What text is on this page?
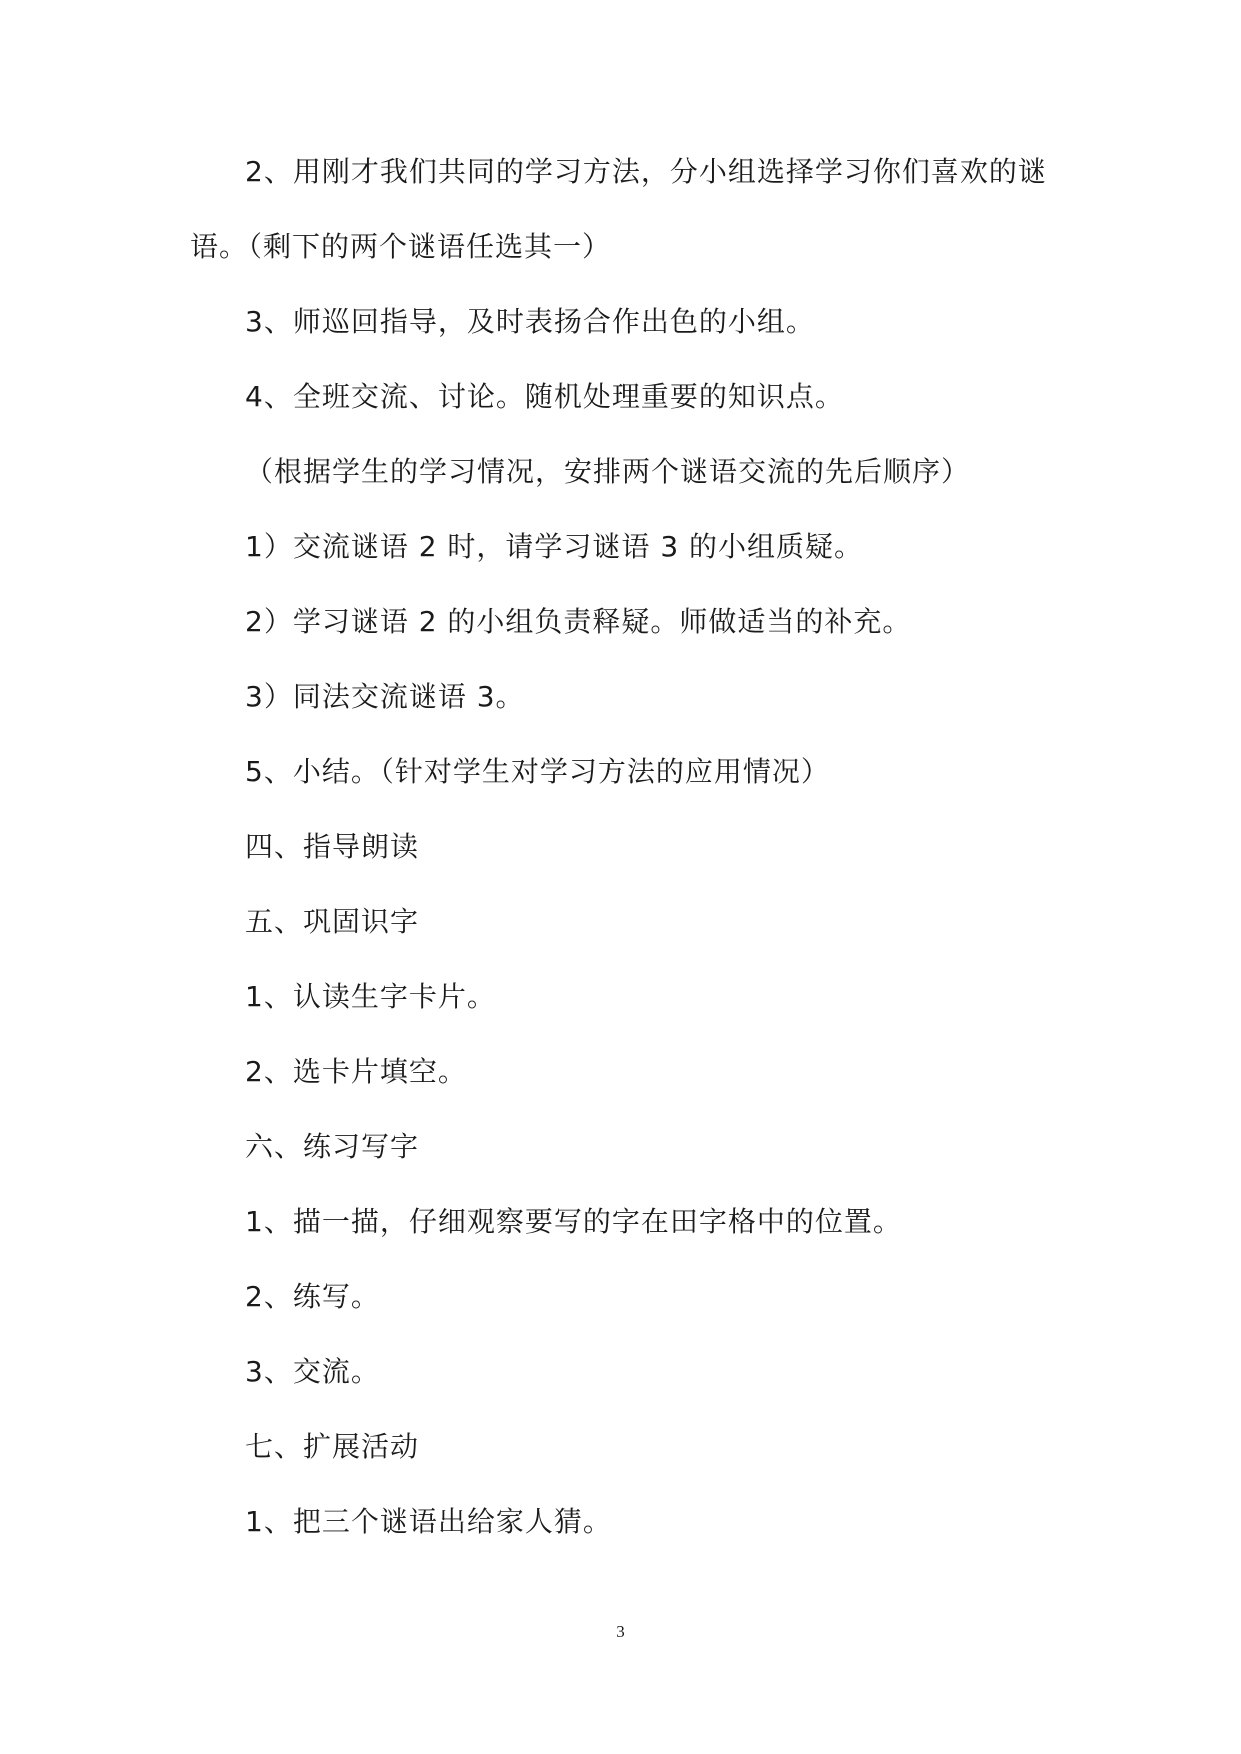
2、用刚才我们共同的学习方法，分小组选择学习你们喜欢的谜
语。（剩下的两个谜语任选其一）
3、师巡回指导，及时表扬合作出色的小组。
4、全班交流、讨论。随机处理重要的知识点。
（根据学生的学习情况，安排两个谜语交流的先后顺序）
1）交流谜语 2 时，请学习谜语 3 的小组质疑。
2）学习谜语 2 的小组负责释疑。师做适当的补充。
3）同法交流谜语 3。
5、小结。（针对学生对学习方法的应用情况）
四、指导朗读
五、巩固识字
1、认读生字卡片。
2、选卡片填空。
六、练习写字
1、描一描，仔细观察要写的字在田字格中的位置。
2、练写。
3、交流。
七、扩展活动
1、把三个谜语出给家人猜。
3
